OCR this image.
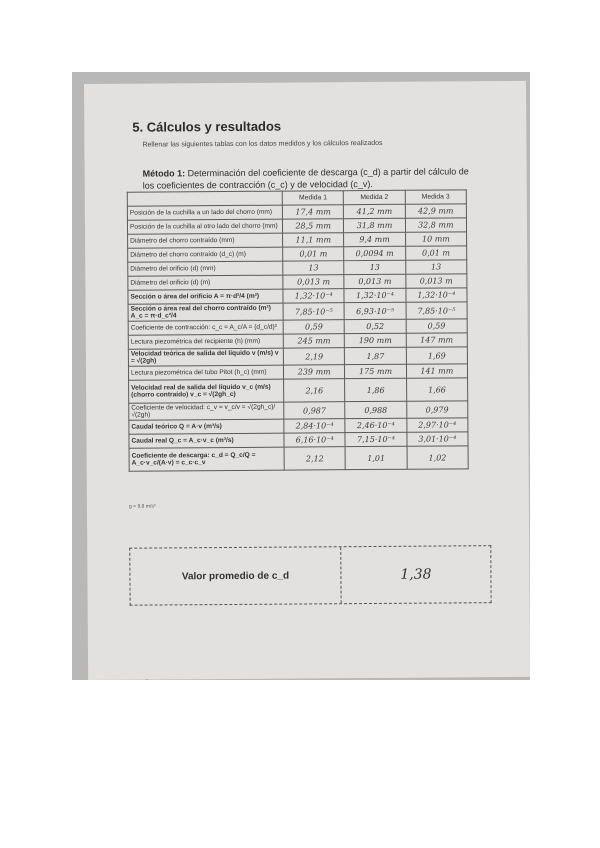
5. Cálculos y resultados
Rellenar las siguientes tablas con los datos medidos y los cálculos realizados
Método 1: Determinación del coeficiente de descarga (c_d) a partir del cálculo de los coeficientes de contracción (c_c) y de velocidad (c_v).
	Medida 1	Medida 2	Medida 3
Posición de la cuchilla a un lado del chorro (mm)	17,4 mm	41,2 mm	42,9 mm
Posición de la cuchilla al otro lado del chorro (mm)	28,5 mm	31,8 mm	32,8 mm
Diámetro del chorro contraído (mm)	11,1 mm	9,4 mm	10 mm
Diámetro del chorro contraído (d_c) (m)	0,01 m	0,0094 m	0,01 m
Diámetro del orificio (d) (mm)	13	13	13
Diámetro del orificio (d) (m)	0,013 m	0,013 m	0,013 m
Sección o área del orificio A = π·d²/4 (m²)	1,32·10⁻⁴	1,32·10⁻⁴	1,32·10⁻⁴
Sección o área real del chorro contraído (m²) A_c = π·d_c²/4	7,85·10⁻⁵	6,93·10⁻⁵	7,85·10⁻⁵
Coeficiente de contracción: c_c = A_c/A = (d_c/d)²	0,59	0,52	0,59
Lectura piezométrica del recipiente (h) (mm)	245 mm	190 mm	147 mm
Velocidad teórica de salida del líquido v (m/s) v = √(2gh)	2,19	1,87	1,69
Lectura piezométrica del tubo Pitot (h_c) (mm)	239 mm	175 mm	141 mm
Velocidad real de salida del líquido v_c (m/s) (chorro contraído) v_c = √(2gh_c)	2,16	1,86	1,66
Coeficiente de velocidad: c_v = v_c/v = √(2gh_c)/√(2gh)	0,987	0,988	0,979
Caudal teórico Q = A·v (m³/s)	2,84·10⁻⁴	2,46·10⁻⁴	2,97·10⁻⁴
Caudal real Q_c = A_c·v_c (m³/s)	6,16·10⁻⁴	7,15·10⁻⁴	3,01·10⁻⁴
Coeficiente de descarga: c_d = Q_c/Q = A_c·v_c/(A·v) = c_c·c_v	2,12	1,01	1,02
g = 9,8 m/s²
Valor promedio de c_d	1,38
